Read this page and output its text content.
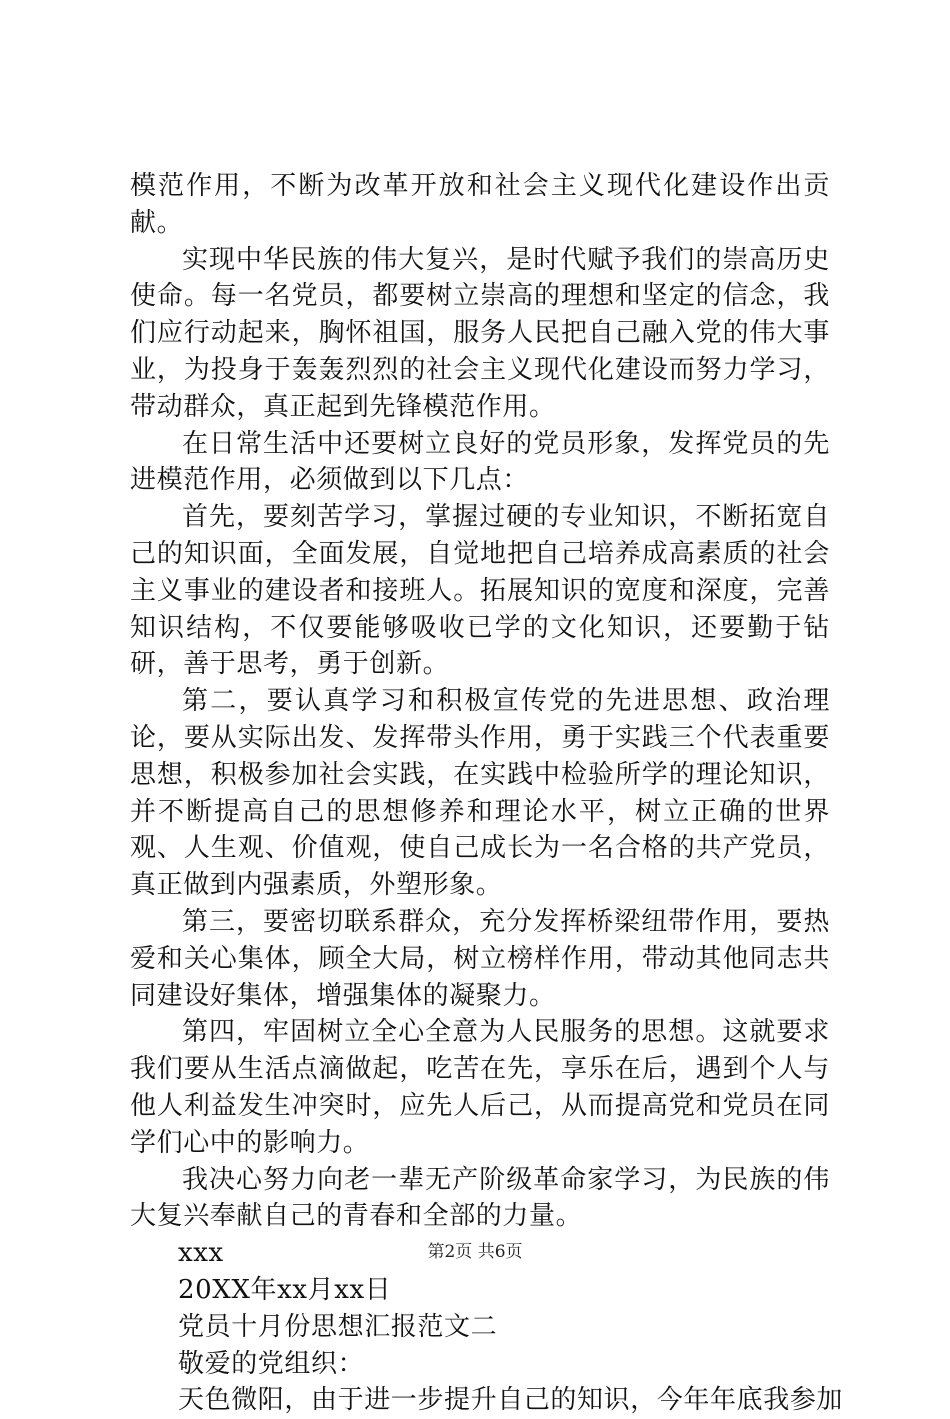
模范作用，不断为改革开放和社会主义现代化建设作出贡献。

实现中华民族的伟大复兴，是时代赋予我们的崇高历史使命。每一名党员，都要树立崇高的理想和坚定的信念，我们应行动起来，胸怀祖国，服务人民把自己融入党的伟大事业，为投身于轰轰烈烈的社会主义现代化建设而努力学习，带动群众，真正起到先锋模范作用。

在日常生活中还要树立良好的党员形象，发挥党员的先进模范作用，必须做到以下几点：

首先，要刻苦学习，掌握过硬的专业知识，不断拓宽自己的知识面，全面发展，自觉地把自己培养成高素质的社会主义事业的建设者和接班人。拓展知识的宽度和深度，完善知识结构，不仅要能够吸收已学的文化知识，还要勤于钻研，善于思考，勇于创新。

第二，要认真学习和积极宣传党的先进思想、政治理论，要从实际出发、发挥带头作用，勇于实践三个代表重要思想，积极参加社会实践，在实践中检验所学的理论知识，并不断提高自己的思想修养和理论水平，树立正确的世界观、人生观、价值观，使自己成长为一名合格的共产党员，真正做到内强素质，外塑形象。

第三，要密切联系群众，充分发挥桥梁纽带作用，要热爱和关心集体，顾全大局，树立榜样作用，带动其他同志共同建设好集体，增强集体的凝聚力。

第四，牢固树立全心全意为人民服务的思想。这就要求我们要从生活点滴做起，吃苦在先，享乐在后，遇到个人与他人利益发生冲突时，应先人后己，从而提高党和党员在同学们心中的影响力。

我决心努力向老一辈无产阶级革命家学习，为民族的伟大复兴奉献自己的青春和全部的力量。

xxx

20XX年xx月xx日

党员十月份思想汇报范文二

敬爱的党组织：

天色微阳，由于进一步提升自己的知识，今年年底我参加

第2页 共6页
